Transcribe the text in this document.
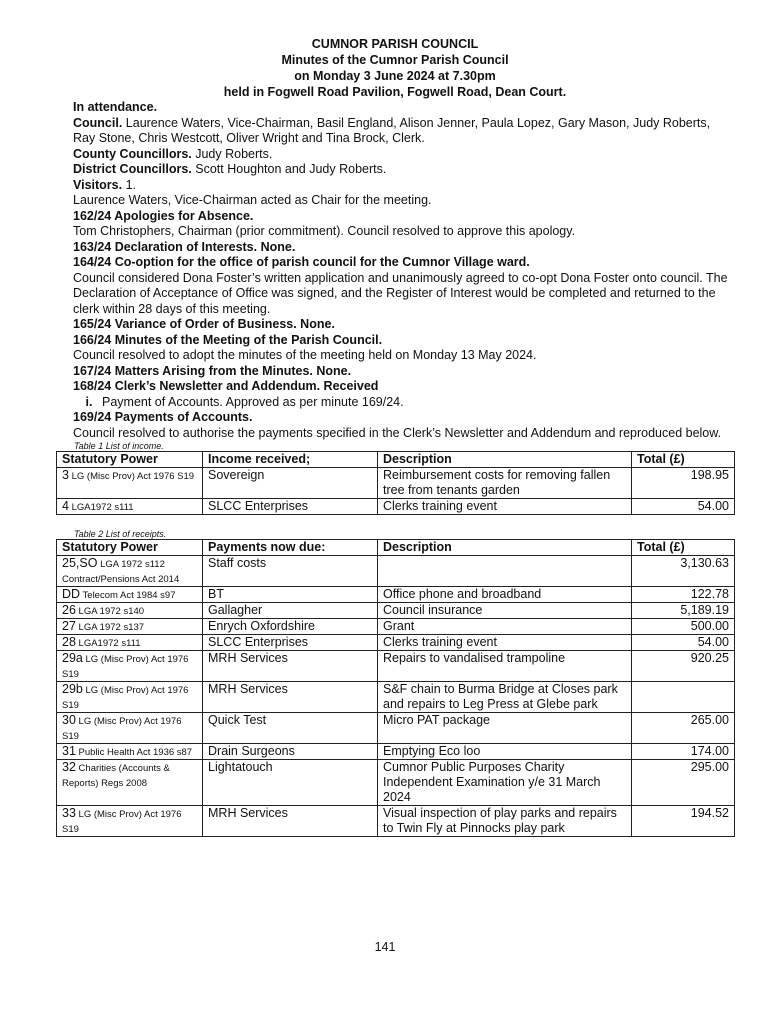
CUMNOR PARISH COUNCIL
Minutes of the Cumnor Parish Council
on Monday 3 June 2024 at 7.30pm
held in Fogwell Road Pavilion, Fogwell Road, Dean Court.
In attendance.
Council. Laurence Waters, Vice-Chairman, Basil England, Alison Jenner, Paula Lopez, Gary Mason, Judy Roberts, Ray Stone, Chris Westcott, Oliver Wright and Tina Brock, Clerk.
County Councillors. Judy Roberts.
District Councillors. Scott Houghton and Judy Roberts.
Visitors. 1.
Laurence Waters, Vice-Chairman acted as Chair for the meeting.
162/24 Apologies for Absence.
Tom Christophers, Chairman (prior commitment). Council resolved to approve this apology.
163/24 Declaration of Interests. None.
164/24 Co-option for the office of parish council for the Cumnor Village ward.
Council considered Dona Foster’s written application and unanimously agreed to co-opt Dona Foster onto council. The Declaration of Acceptance of Office was signed, and the Register of Interest would be completed and returned to the clerk within 28 days of this meeting.
165/24 Variance of Order of Business. None.
166/24 Minutes of the Meeting of the Parish Council.
Council resolved to adopt the minutes of the meeting held on Monday 13 May 2024.
167/24 Matters Arising from the Minutes. None.
168/24 Clerk’s Newsletter and Addendum. Received
i. Payment of Accounts. Approved as per minute 169/24.
169/24 Payments of Accounts.
Council resolved to authorise the payments specified in the Clerk’s Newsletter and Addendum and reproduced below.
Table 1 List of income.
Statutory Power	Income received;	Description	Total (£)
3 LG (Misc Prov) Act 1976 S19	Sovereign	Reimbursement costs for removing fallen tree from tenants garden	198.95
4 LGA1972 s111	SLCC Enterprises	Clerks training event	54.00
Table 2 List of receipts.
Statutory Power	Payments now due:	Description	Total (£)
25,SO LGA 1972 s112 Contract/Pensions Act 2014	Staff costs		3,130.63
DD Telecom Act 1984 s97	BT	Office phone and broadband	122.78
26 LGA 1972 s140	Gallagher	Council insurance	5,189.19
27 LGA 1972 s137	Enrych Oxfordshire	Grant	500.00
28 LGA1972 s111	SLCC Enterprises	Clerks training event	54.00
29a LG (Misc Prov) Act 1976 S19	MRH Services	Repairs to vandalised trampoline	920.25
29b LG (Misc Prov) Act 1976 S19	MRH Services	S&F chain to Burma Bridge at Closes park and repairs to Leg Press at Glebe park	
30 LG (Misc Prov) Act 1976 S19	Quick Test	Micro PAT package	265.00
31 Public Health Act 1936 s87	Drain Surgeons	Emptying Eco loo	174.00
32 Charities (Accounts & Reports) Regs 2008	Lightatouch	Cumnor Public Purposes Charity Independent Examination y/e 31 March 2024	295.00
33 LG (Misc Prov) Act 1976 S19	MRH Services	Visual inspection of play parks and repairs to Twin Fly at Pinnocks play park	194.52
141
